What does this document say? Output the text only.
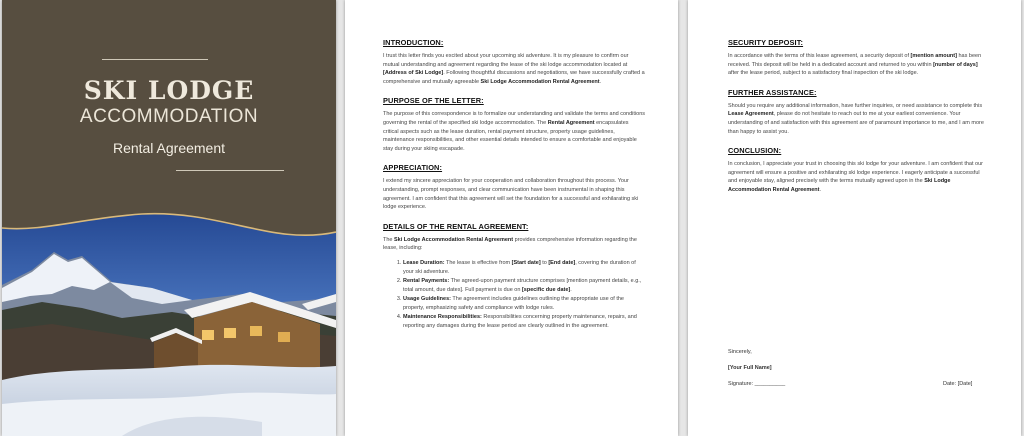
SKI LODGE
ACCOMMODATION
Rental Agreement
INTRODUCTION:
I trust this letter finds you excited about your upcoming ski adventure. It is my pleasure to confirm our mutual understanding and agreement regarding the lease of the ski lodge accommodation located at [Address of Ski Lodge]. Following thoughtful discussions and negotiations, we have successfully crafted a comprehensive and mutually agreeable Ski Lodge Accommodation Rental Agreement.
PURPOSE OF THE LETTER:
The purpose of this correspondence is to formalize our understanding and validate the terms and conditions governing the rental of the specified ski lodge accommodation. The Rental Agreement encapsulates critical aspects such as the lease duration, rental payment structure, property usage guidelines, maintenance responsibilities, and other essential details intended to ensure a comfortable and enjoyable stay during your skiing escapade.
APPRECIATION:
I extend my sincere appreciation for your cooperation and collaboration throughout this process. Your understanding, prompt responses, and clear communication have been instrumental in shaping this agreement. I am confident that this agreement will set the foundation for a successful and exhilarating ski lodge experience.
DETAILS OF THE RENTAL AGREEMENT:
The Ski Lodge Accommodation Rental Agreement provides comprehensive information regarding the lease, including:
1. Lease Duration: The lease is effective from [Start date] to [End date], covering the duration of your ski adventure.
2. Rental Payments: The agreed-upon payment structure comprises [mention payment details, e.g., total amount, due dates]. Full payment is due on [specific due date].
3. Usage Guidelines: The agreement includes guidelines outlining the appropriate use of the property, emphasizing safety and compliance with lodge rules.
4. Maintenance Responsibilities: Responsibilities concerning property maintenance, repairs, and reporting any damages during the lease period are clearly outlined in the agreement.
SECURITY DEPOSIT:
In accordance with the terms of this lease agreement, a security deposit of [mention amount] has been received. This deposit will be held in a dedicated account and returned to you within [number of days] after the lease period, subject to a satisfactory final inspection of the ski lodge.
FURTHER ASSISTANCE:
Should you require any additional information, have further inquiries, or need assistance to complete this Lease Agreement, please do not hesitate to reach out to me at your earliest convenience. Your understanding of and satisfaction with this agreement are of paramount importance to me, and I am more than happy to assist you.
CONCLUSION:
In conclusion, I appreciate your trust in choosing this ski lodge for your adventure. I am confident that our agreement will ensure a positive and exhilarating ski lodge experience. I eagerly anticipate a successful and enjoyable stay, aligned precisely with the terms mutually agreed upon in the Ski Lodge Accommodation Rental Agreement.
Sincerely,
[Your Full Name]
Signature: __________	Date: [Date]
